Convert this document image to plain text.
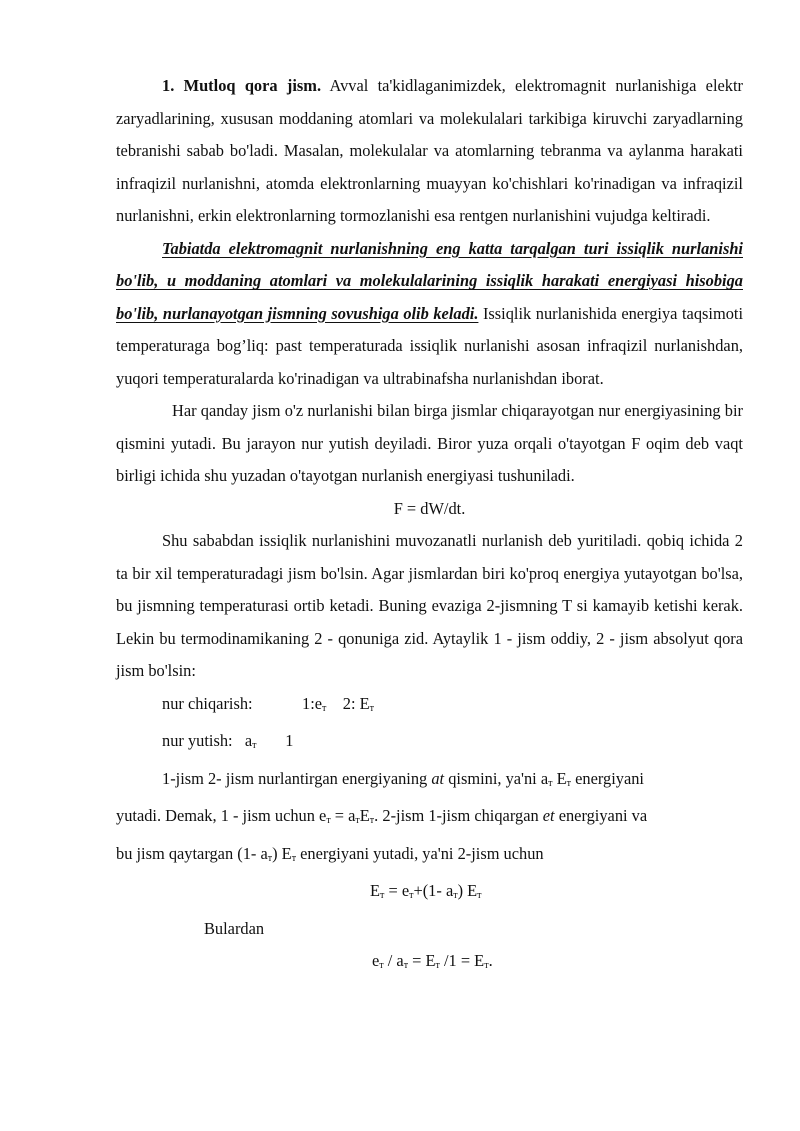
1. Mutloq qora jism. Avval ta'kidlaganimizdek, elektromagnit nurlanishiga elektr zaryadlarining, xususan moddaning atomlari va molekulalari tarkibiga kiruvchi zaryadlarning tebranishi sabab bo'ladi. Masalan, molekulalar va atomlarning tebranma va aylanma harakati infraqizil nurlanishni, atomda elektronlarning muayyan ko'chishlari ko'rinadigan va infraqizil nurlanishni, erkin elektronlarning tormozlanishi esa rentgen nurlanishini vujudga keltiradi.

Tabiatda elektromagnit nurlanishning eng katta tarqalgan turi issiqlik nurlanishi bo'lib, u moddaning atomlari va molekulalarining issiqlik harakati energiyasi hisobiga bo'lib, nurlanayotgan jismning sovushiga olib keladi. Issiqlik nurlanishida energiya taqsimoti temperaturaga bog’liq: past temperaturada issiqlik nurlanishi asosan infraqizil nurlanishdan, yuqori temperaturalarda ko'rinadigan va ultrabinafsha nurlanishdan iborat.

Har qanday jism o'z nurlanishi bilan birga jismlar chiqarayotgan nur energiyasining bir qismini yutadi. Bu jarayon nur yutish deyiladi. Biror yuza orqali o'tayotgan F oqim deb vaqt birligi ichida shu yuzadan o'tayotgan nurlanish energiyasi tushuniladi.

F = dW/dt.

Shu sababdan issiqlik nurlanishini muvozanatli nurlanish deb yuritiladi. qobiq ichida 2 ta bir xil temperaturadagi jism bo'lsin. Agar jismlardan biri ko'proq energiya yutayotgan bo'lsa, bu jismning temperaturasi ortib ketadi. Buning evaziga 2-jismning T si kamayib ketishi kerak. Lekin bu termodinamikaning 2 - qonuniga zid. Aytaylik 1 - jism oddiy, 2 - jism absolyut qora jism bo'lsin:

nur chiqarish:	$1:e_т$ 2: $E_т$

nur yutish: $a_т$ 1

1-jism 2- jism nurlantirgan energiyaning at qismini, ya'ni $a_т$ $E_т$ energiyani

yutadi. Demak, 1 - jism uchun $e_т = a_тE_т$. 2-jism 1-jism chiqargan et energiyani va

bu jism qaytargan (1- $a_т$) $E_т$ energiyani yutadi, ya'ni 2-jism uchun

$E_т = e_т+(1-$ $a_т$) $E_т$

Bulardan

$e_т / a_т = E_т$ $/1 = E_т$.
